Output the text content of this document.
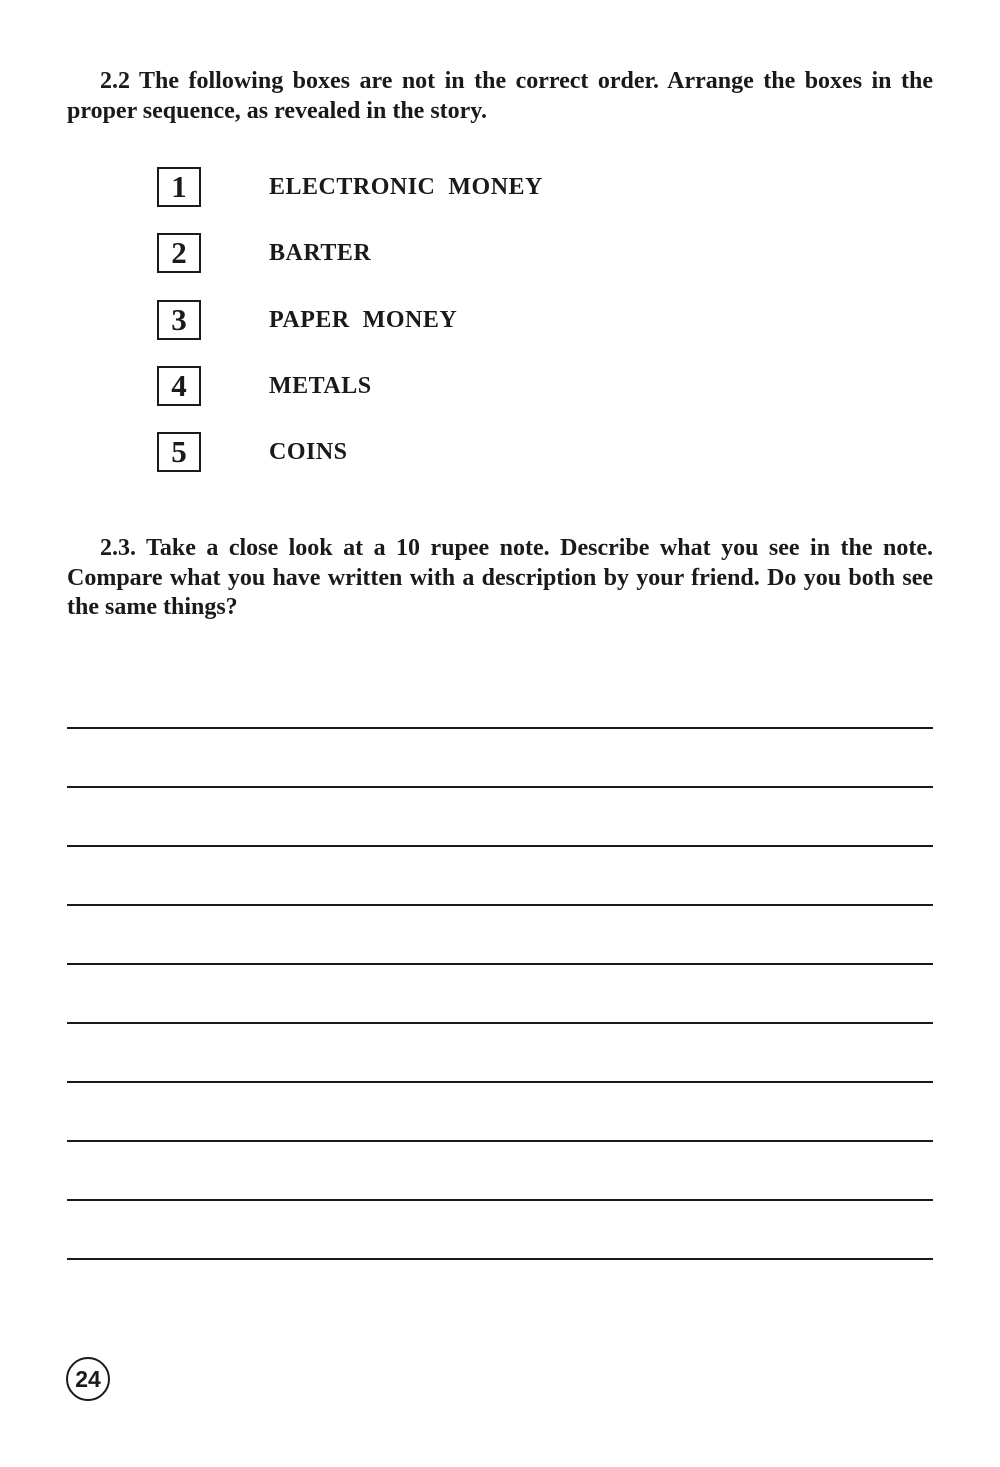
2.2 The following boxes are not in the correct order. Arrange the boxes in the proper sequence, as revealed in the story.

1	ELECTRONIC  MONEY
2	BARTER
3	PAPER  MONEY
4	METALS
5	COINS

2.3. Take a close look at a 10 rupee note. Describe what you see in the note. Compare what you have written with a description by your friend. Do you both see the same things?

24
